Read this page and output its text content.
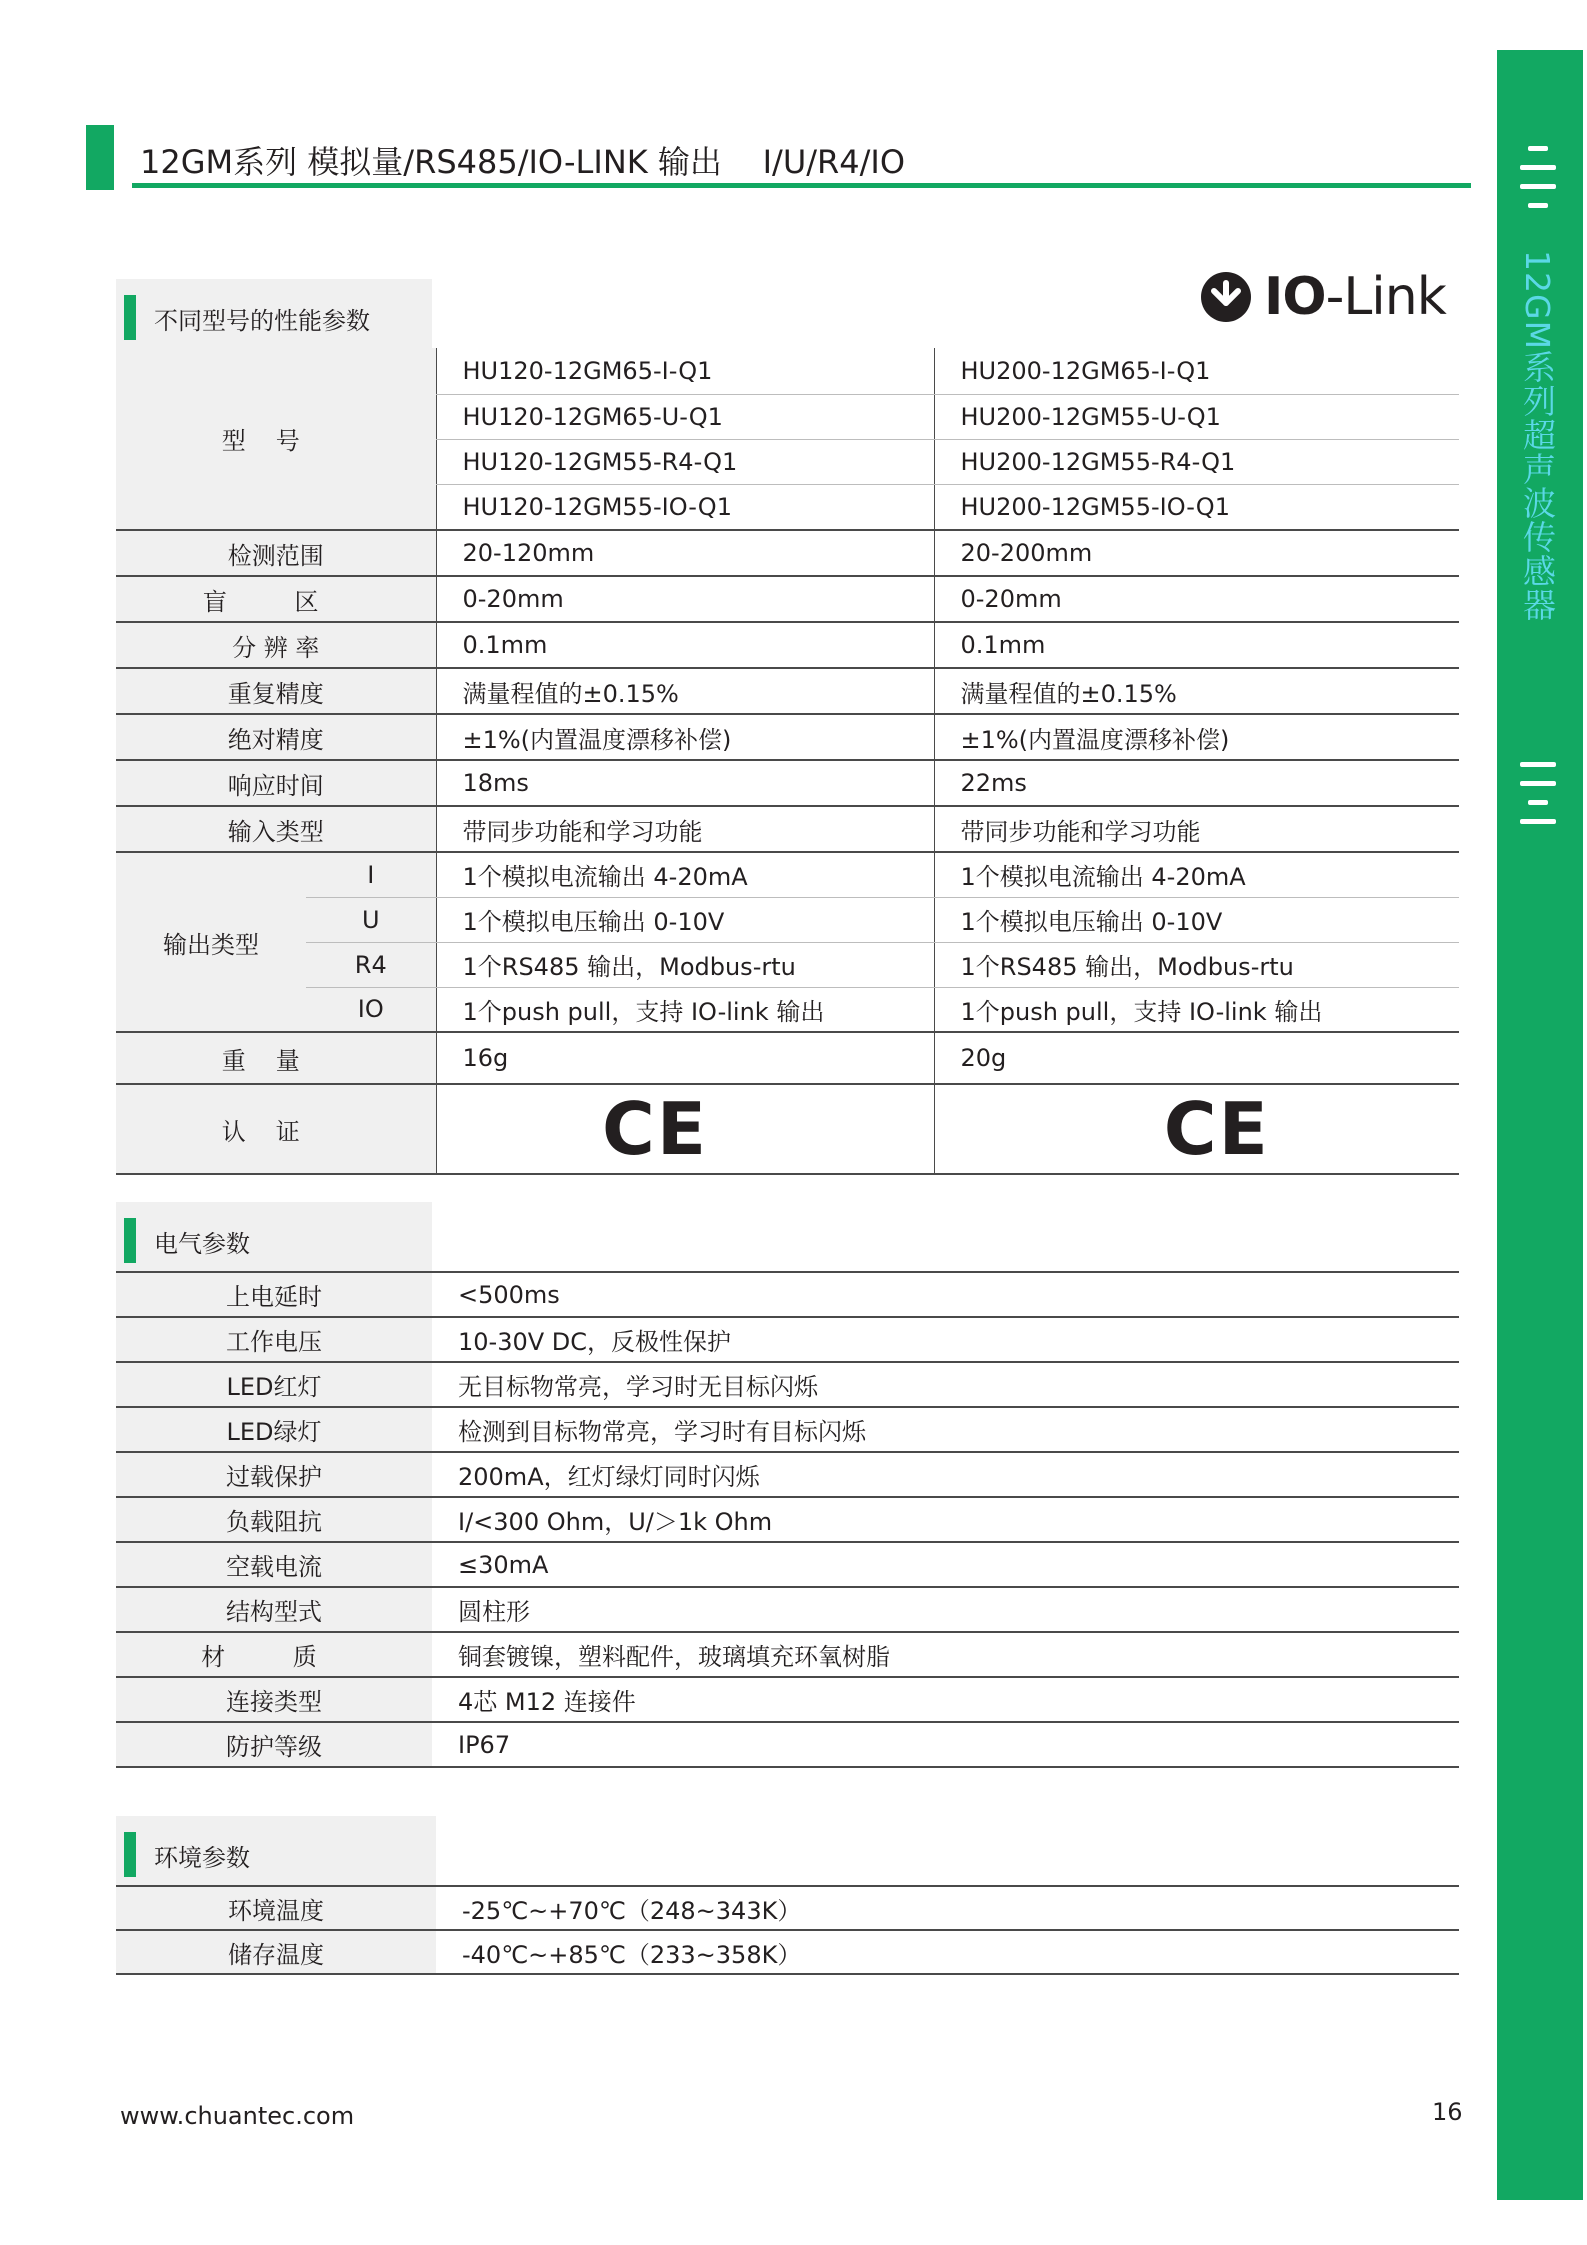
12GM系列 模拟量/RS485/IO-LINK 输出    I/U/R4/IO
12GM系列超声波传感器
不同型号的性能参数	IO-Link
型号		HU120-12GM65-I-Q1	HU200-12GM65-I-Q1
		HU120-12GM65-U-Q1	HU200-12GM55-U-Q1
		HU120-12GM55-R4-Q1	HU200-12GM55-R4-Q1
		HU120-12GM55-IO-Q1	HU200-12GM55-IO-Q1
检测范围		20-120mm	20-200mm
盲 区		0-20mm	0-20mm
分 辨 率		0.1mm	0.1mm
重复精度		满量程值的±0.15%	满量程值的±0.15%
绝对精度		±1%(内置温度漂移补偿)	±1%(内置温度漂移补偿)
响应时间		18ms	22ms
输入类型		带同步功能和学习功能	带同步功能和学习功能
输出类型	I	1个模拟电流输出 4-20mA	1个模拟电流输出 4-20mA
	U	1个模拟电压输出 0-10V	1个模拟电压输出 0-10V
	R4	1个RS485 输出，Modbus-rtu	1个RS485 输出，Modbus-rtu
	IO	1个push pull，支持 IO-link 输出	1个push pull，支持 IO-link 输出
重量		16g	20g
认证		CE	CE
电气参数
上电延时	<500ms
工作电压	10-30V DC，反极性保护
LED红灯	无目标物常亮，学习时无目标闪烁
LED绿灯	检测到目标物常亮，学习时有目标闪烁
过载保护	200mA，红灯绿灯同时闪烁
负载阻抗	I/<300 Ohm，U/＞1k Ohm
空载电流	≤30mA
结构型式	圆柱形
材 质	铜套镀镍，塑料配件，玻璃填充环氧树脂
连接类型	4芯 M12 连接件
防护等级	IP67
环境参数
环境温度	-25℃~+70℃（248~343K）
储存温度	-40℃~+85℃（233~358K）
www.chuantec.com	16
